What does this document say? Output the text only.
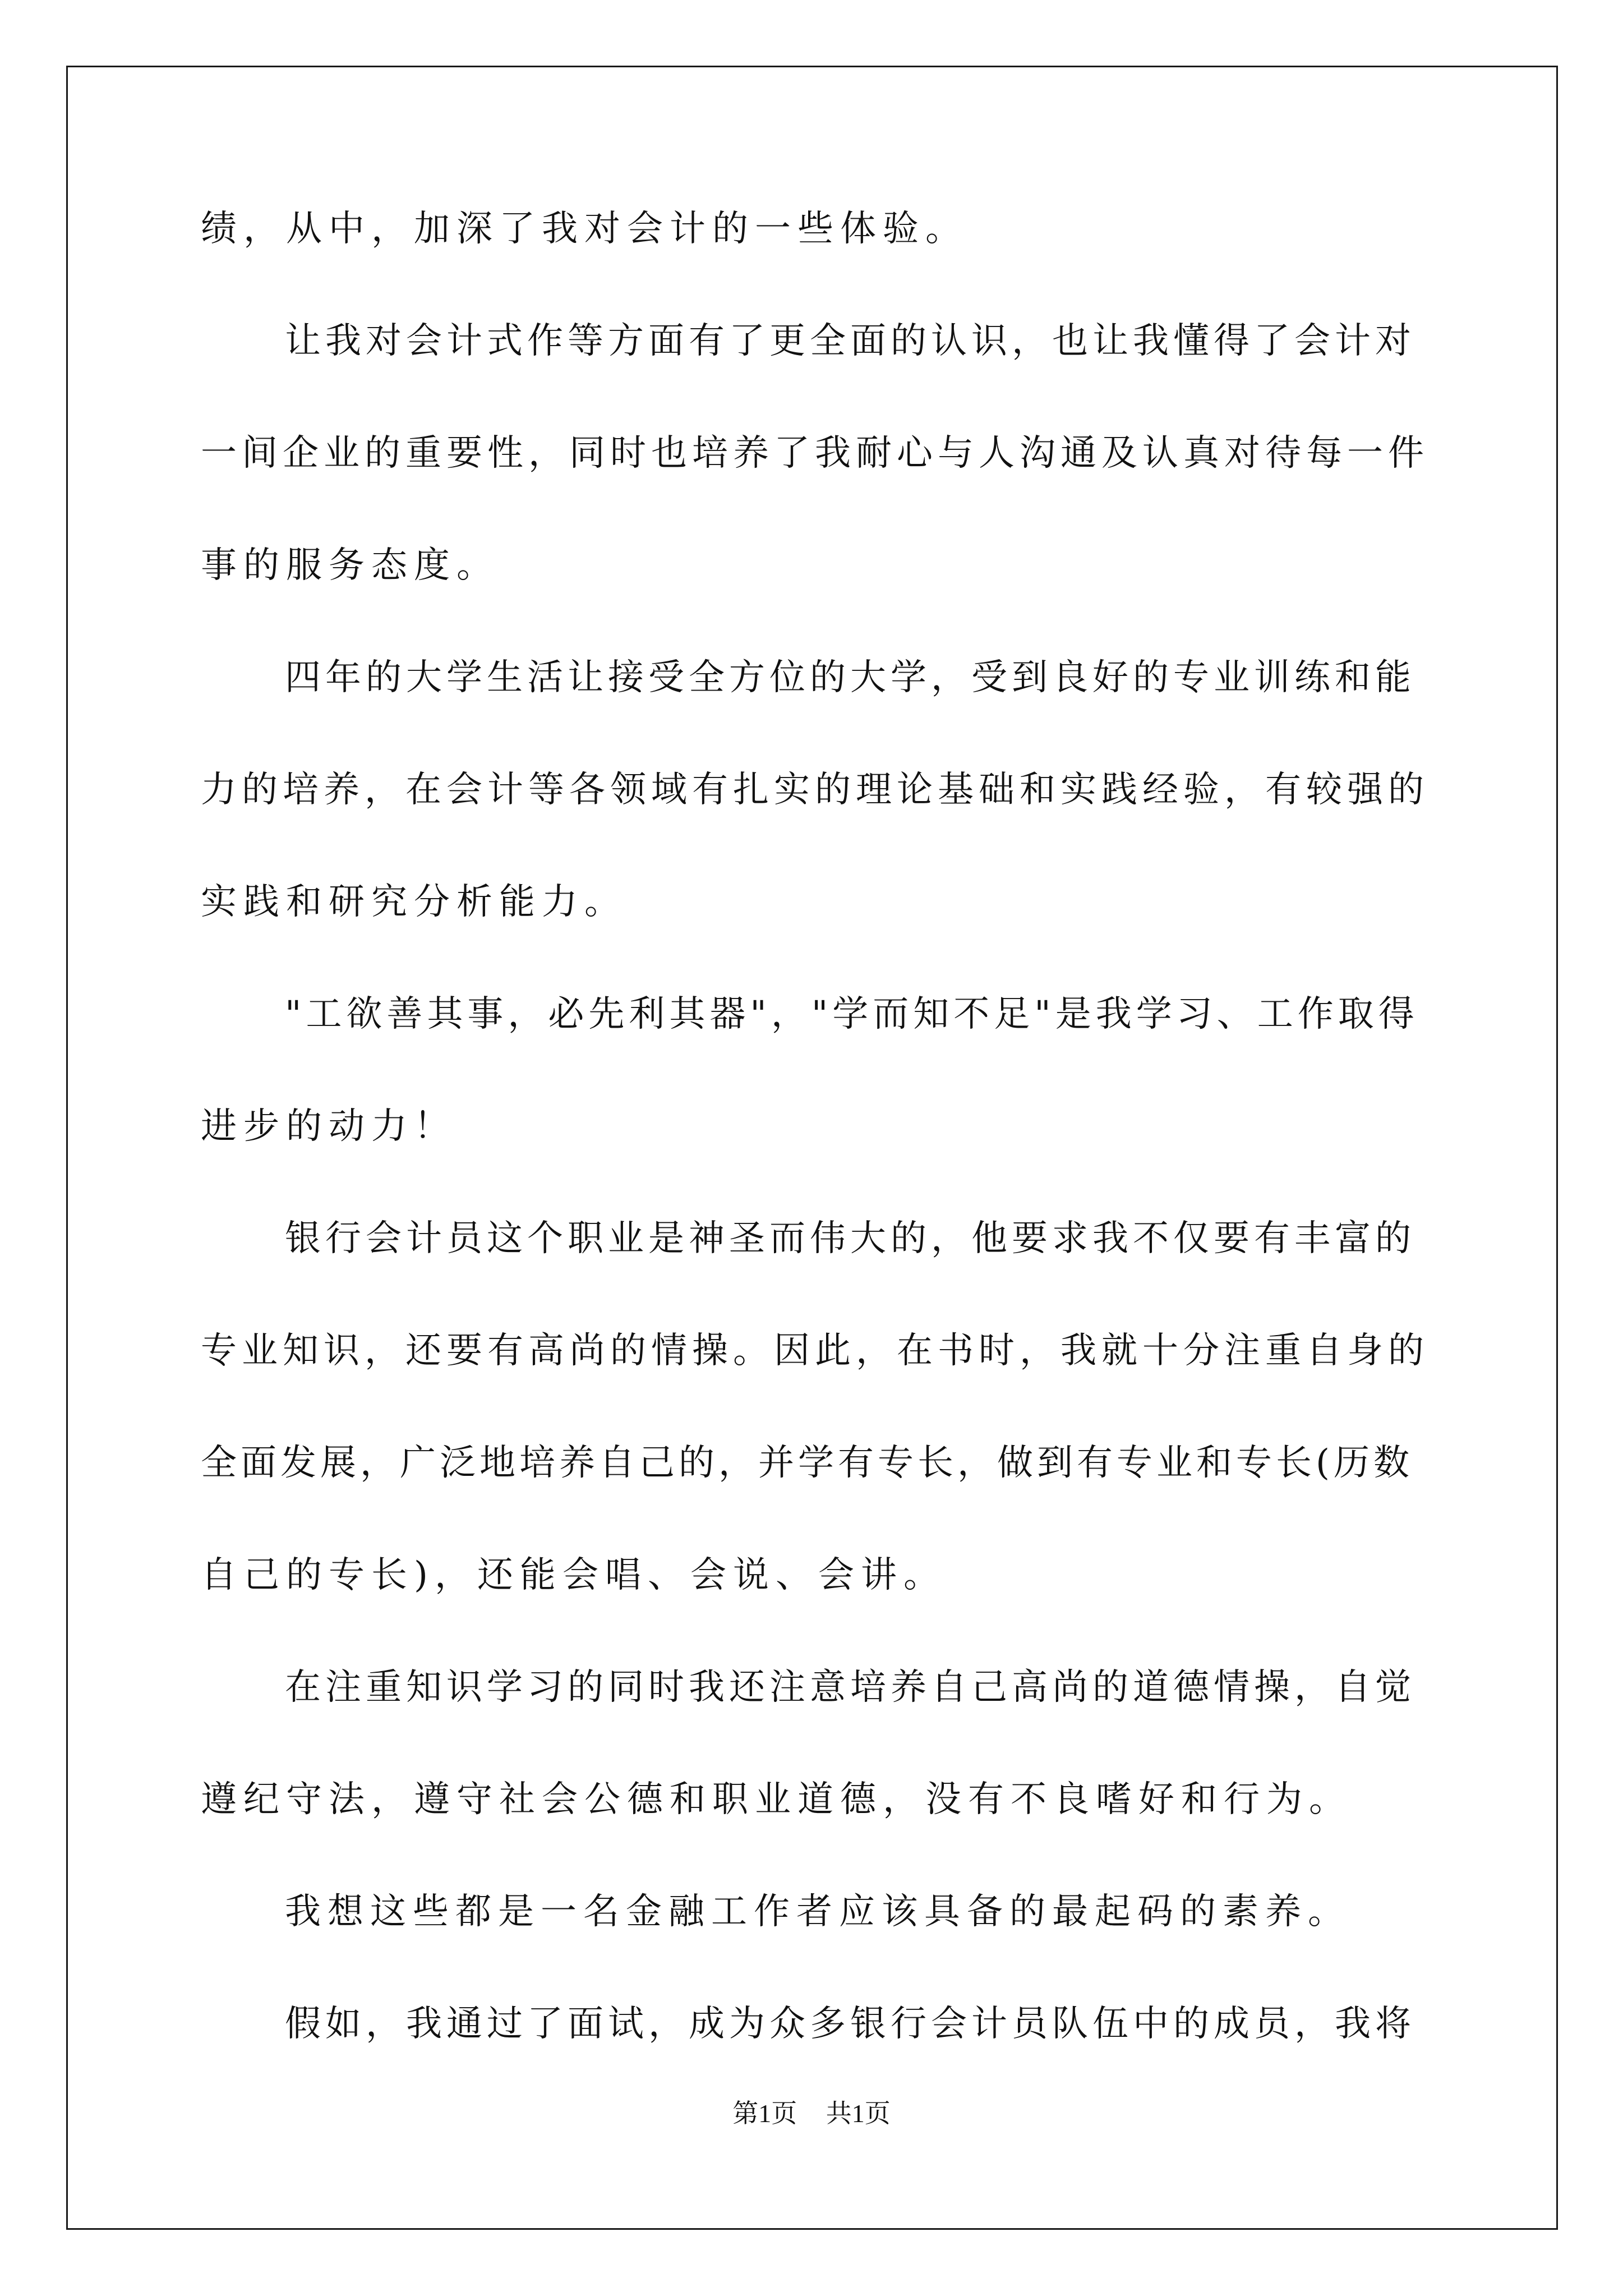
绩，从中，加深了我对会计的一些体验。
让我对会计式作等方面有了更全面的认识，也让我懂得了会计对
一间企业的重要性，同时也培养了我耐心与人沟通及认真对待每一件
事的服务态度。
四年的大学生活让接受全方位的大学，受到良好的专业训练和能
力的培养，在会计等各领域有扎实的理论基础和实践经验，有较强的
实践和研究分析能力。
"工欲善其事，必先利其器"，"学而知不足"是我学习、工作取得
进步的动力！
银行会计员这个职业是神圣而伟大的，他要求我不仅要有丰富的
专业知识，还要有高尚的情操。因此，在书时，我就十分注重自身的
全面发展，广泛地培养自己的，并学有专长，做到有专业和专长(历数
自己的专长)，还能会唱、会说、会讲。
在注重知识学习的同时我还注意培养自己高尚的道德情操，自觉
遵纪守法，遵守社会公德和职业道德，没有不良嗜好和行为。
我想这些都是一名金融工作者应该具备的最起码的素养。
假如，我通过了面试，成为众多银行会计员队伍中的成员，我将
第1页 共1页
